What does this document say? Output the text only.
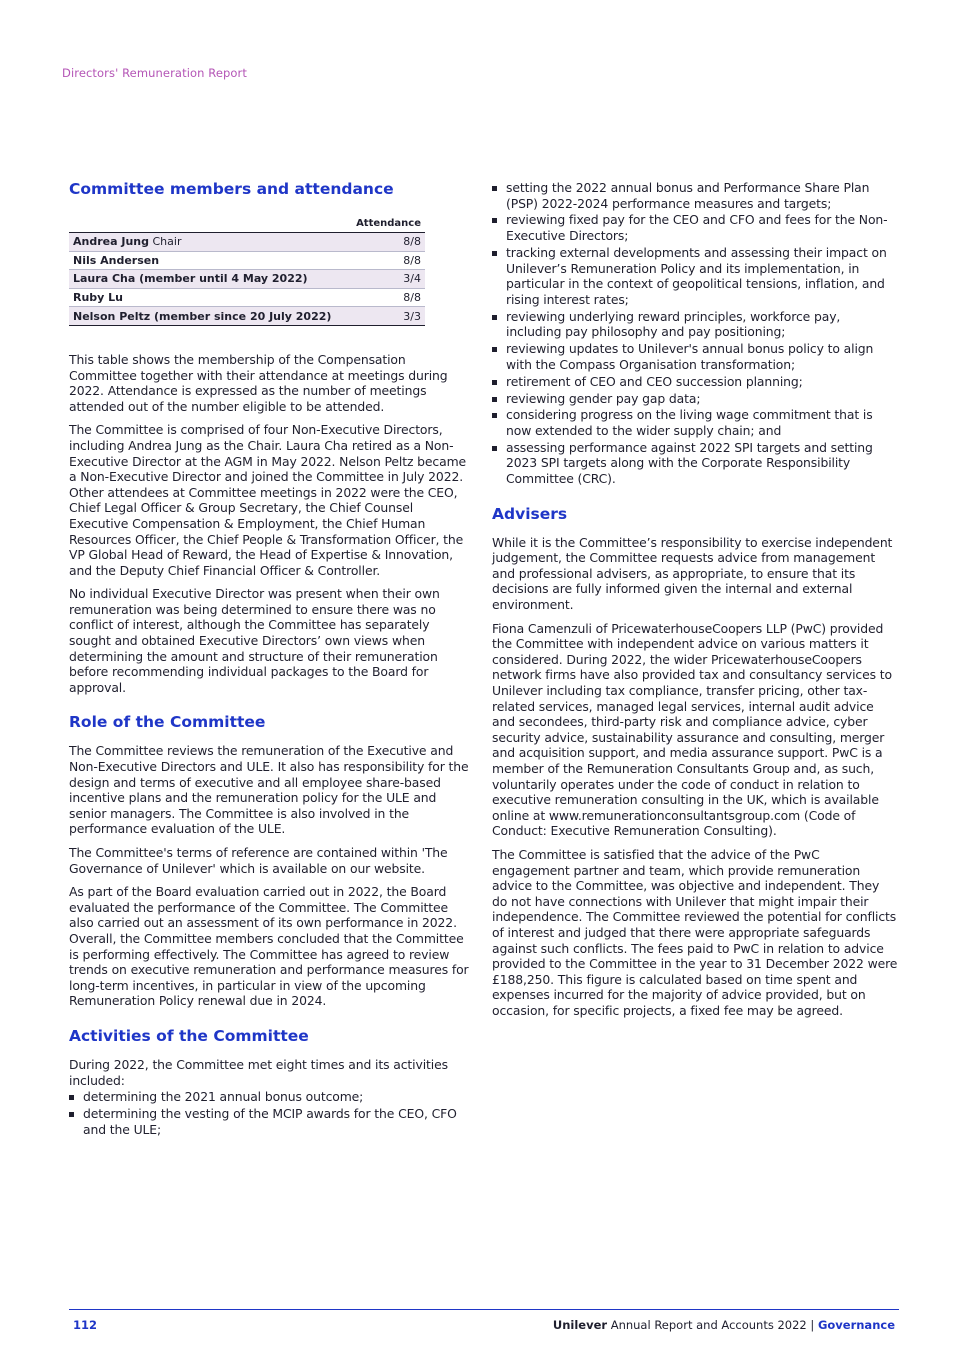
Directors' Remuneration Report
Committee members and attendance
Attendance
Andrea Jung Chair	8/8
Nils Andersen	8/8
Laura Cha (member until 4 May 2022)	3/4
Ruby Lu	8/8
Nelson Peltz (member since 20 July 2022)	3/3

This table shows the membership of the Compensation Committee together with their attendance at meetings during 2022. Attendance is expressed as the number of meetings attended out of the number eligible to be attended.

The Committee is comprised of four Non-Executive Directors, including Andrea Jung as the Chair. Laura Cha retired as a Non-Executive Director at the AGM in May 2022. Nelson Peltz became a Non-Executive Director and joined the Committee in July 2022. Other attendees at Committee meetings in 2022 were the CEO, Chief Legal Officer & Group Secretary, the Chief Counsel Executive Compensation & Employment, the Chief Human Resources Officer, the Chief People & Transformation Officer, the VP Global Head of Reward, the Head of Expertise & Innovation, and the Deputy Chief Financial Officer & Controller.

No individual Executive Director was present when their own remuneration was being determined to ensure there was no conflict of interest, although the Committee has separately sought and obtained Executive Directors’ own views when determining the amount and structure of their remuneration before recommending individual packages to the Board for approval.

Role of the Committee

The Committee reviews the remuneration of the Executive and Non-Executive Directors and ULE. It also has responsibility for the design and terms of executive and all employee share-based incentive plans and the remuneration policy for the ULE and senior managers. The Committee is also involved in the performance evaluation of the ULE.

The Committee's terms of reference are contained within 'The Governance of Unilever' which is available on our website.

As part of the Board evaluation carried out in 2022, the Board evaluated the performance of the Committee. The Committee also carried out an assessment of its own performance in 2022. Overall, the Committee members concluded that the Committee is performing effectively. The Committee has agreed to review trends on executive remuneration and performance measures for long-term incentives, in particular in view of the upcoming Remuneration Policy renewal due in 2024.

Activities of the Committee

During 2022, the Committee met eight times and its activities included:

determining the 2021 annual bonus outcome;
determining the vesting of the MCIP awards for the CEO, CFO and the ULE;
setting the 2022 annual bonus and Performance Share Plan (PSP) 2022-2024 performance measures and targets;
reviewing fixed pay for the CEO and CFO and fees for the Non-Executive Directors;
tracking external developments and assessing their impact on Unilever’s Remuneration Policy and its implementation, in particular in the context of geopolitical tensions, inflation, and rising interest rates;
reviewing underlying reward principles, workforce pay, including pay philosophy and pay positioning;
reviewing updates to Unilever's annual bonus policy to align with the Compass Organisation transformation;
retirement of CEO and CEO succession planning;
reviewing gender pay gap data;
considering progress on the living wage commitment that is now extended to the wider supply chain; and
assessing performance against 2022 SPI targets and setting 2023 SPI targets along with the Corporate Responsibility Committee (CRC).
Advisers

While it is the Committee’s responsibility to exercise independent judgement, the Committee requests advice from management and professional advisers, as appropriate, to ensure that its decisions are fully informed given the internal and external environment.

Fiona Camenzuli of PricewaterhouseCoopers LLP (PwC) provided the Committee with independent advice on various matters it considered. During 2022, the wider PricewaterhouseCoopers network firms have also provided tax and consultancy services to Unilever including tax compliance, transfer pricing, other tax-related services, managed legal services, internal audit advice and secondees, third-party risk and compliance advice, cyber security advice, sustainability assurance and consulting, merger and acquisition support, and media assurance support. PwC is a member of the Remuneration Consultants Group and, as such, voluntarily operates under the code of conduct in relation to executive remuneration consulting in the UK, which is available online at www.remunerationconsultantsgroup.com (Code of Conduct: Executive Remuneration Consulting).

The Committee is satisfied that the advice of the PwC engagement partner and team, which provide remuneration advice to the Committee, was objective and independent. They do not have connections with Unilever that might impair their independence. The Committee reviewed the potential for conflicts of interest and judged that there were appropriate safeguards against such conflicts. The fees paid to PwC in relation to advice provided to the Committee in the year to 31 December 2022 were £188,250. This figure is calculated based on time spent and expenses incurred for the majority of advice provided, but on occasion, for specific projects, a fixed fee may be agreed.

112	Unilever Annual Report and Accounts 2022 | Governance
